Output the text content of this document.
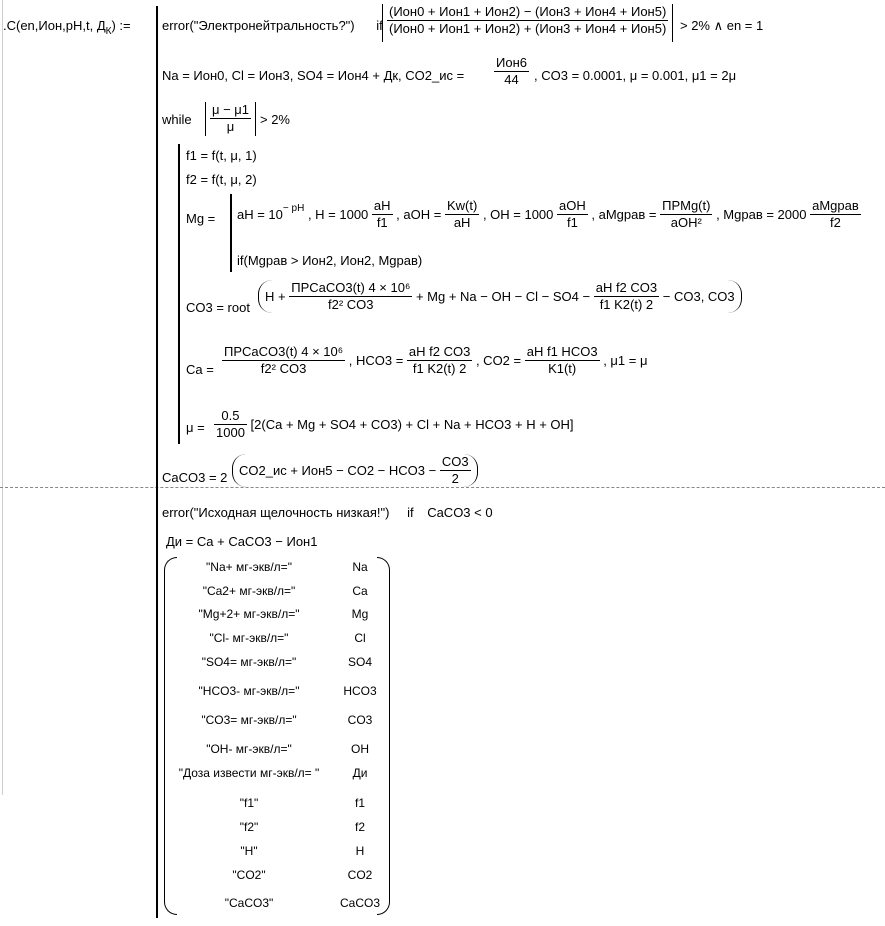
.C(en,Ион,pH,t, $Д_К$) := error("Электронейтральность?") if $\frac{\text{(Ион0 + Ион1 + Ион2) − (Ион3 + Ион4 + Ион5)}}{\text{(Ион0 + Ион1 + Ион2) + (Ион3 + Ион4 + Ион5)}} > 2\%$ ∧ en = 1
Na = Ион0, Cl = Ион3, SO4 = Ион4 + Дк, CO2_ис = $\frac{\text{Ион6}}{44}$ , CO3 = 0.0001, μ = 0.001, μ1 = 2μ
while $\frac{\mu - \mu 1}{\mu} > 2\%$
f1 = f(t, μ, 1)
f2 = f(t, μ, 2)
Mg = aH = $10^{- pH}$ , $H = 1000 \frac{aH}{f1}$ , aOH = $\frac{Kw(t)}{aH}$ , OH = $1000 \frac{\text{aOH}}{f1}$ , aMgрав = $\frac{\text{ПРMg(t)}}{\text{aOH²}}$ , Mgрав = $2000 \frac{\text{aMgрав}}{f2}$
if(Mgрав > Ион2, Ион2, Mgрав)
CO3 = root
$H + \frac{\text{ПРCaCO3(t) 4 × 10⁶}}{\text{f2² CO3}} + Mg + Na$ − OH − $Cl - SO4 - \frac{\text{aH f2 CO3}}{f1 K2(t) 2} - CO3$, CO3
$Ca = \frac{\text{ПРCaCO3(t) 4 × 10⁶}}{\text{f2² CO3}}$ , $HCO3 = \frac{\text{aH f2 CO3}}{f1 K2(t) 2}$ , $CO2 = \frac{\text{aH f1 HCO3}}{K1(t)}$ , μ1 = μ
$\mu = \frac{0.5}{1000} [2(Ca + Mg + SO4 + CO3) + Cl + Na + HCO3 + H + OH]$
CaCO3 = 2 CO2_ис + $Ион5 - CO2 - HCO3 - \frac{CO3}{2}$
error("Исходная щелочность низкая!") if CaCO3 < 0
Ди = Ca + CaCO3 − Ион1
"Na+ мг-экв/л="	Na
"Ca2+ мг-экв/л="	Ca
"Mg+2+ мг-экв/л="	Mg
"Cl- мг-экв/л="	Cl
"SO4= мг-экв/л="	SO4
"HCO3- мг-экв/л="	HCO3
"CO3= мг-экв/л="	CO3
"OH- мг-экв/л="	OH
"Доза извести мг-экв/л= "	Ди
"f1"	f1
"f2"	f2
"H"	H
"CO2"	CO2
"CaCO3"	CaCO3
